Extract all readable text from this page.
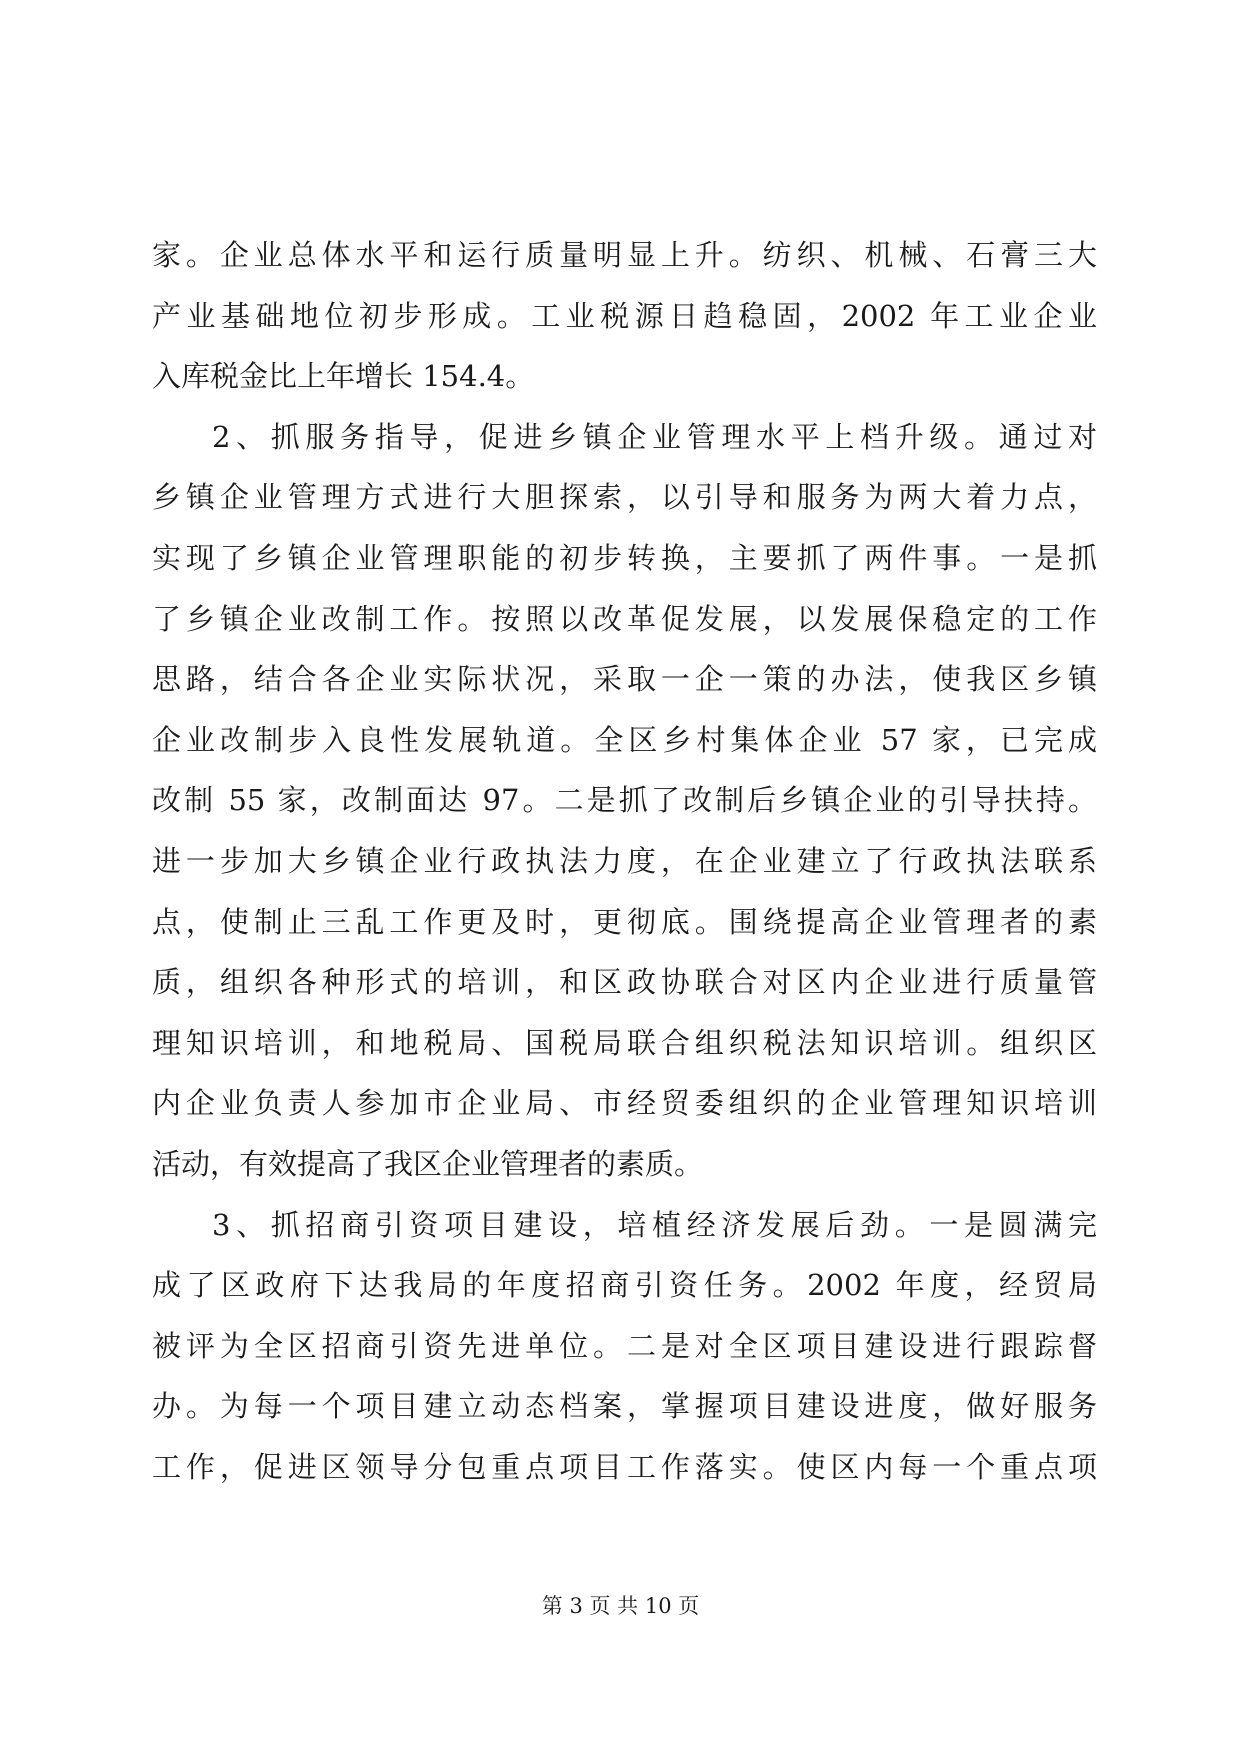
家。企业总体水平和运行质量明显上升。纺织、机械、石膏三大
产业基础地位初步形成。工业税源日趋稳固，2002 年工业企业
入库税金比上年增长 154.4。
2、抓服务指导，促进乡镇企业管理水平上档升级。通过对
乡镇企业管理方式进行大胆探索，以引导和服务为两大着力点，
实现了乡镇企业管理职能的初步转换，主要抓了两件事。一是抓
了乡镇企业改制工作。按照以改革促发展，以发展保稳定的工作
思路，结合各企业实际状况，采取一企一策的办法，使我区乡镇
企业改制步入良性发展轨道。全区乡村集体企业 57 家，已完成
改制 55 家，改制面达 97。二是抓了改制后乡镇企业的引导扶持。
进一步加大乡镇企业行政执法力度，在企业建立了行政执法联系
点，使制止三乱工作更及时，更彻底。围绕提高企业管理者的素
质，组织各种形式的培训，和区政协联合对区内企业进行质量管
理知识培训，和地税局、国税局联合组织税法知识培训。组织区
内企业负责人参加市企业局、市经贸委组织的企业管理知识培训
活动，有效提高了我区企业管理者的素质。
3、抓招商引资项目建设，培植经济发展后劲。一是圆满完
成了区政府下达我局的年度招商引资任务。2002 年度，经贸局
被评为全区招商引资先进单位。二是对全区项目建设进行跟踪督
办。为每一个项目建立动态档案，掌握项目建设进度，做好服务
工作，促进区领导分包重点项目工作落实。使区内每一个重点项
第 3 页 共 10 页
